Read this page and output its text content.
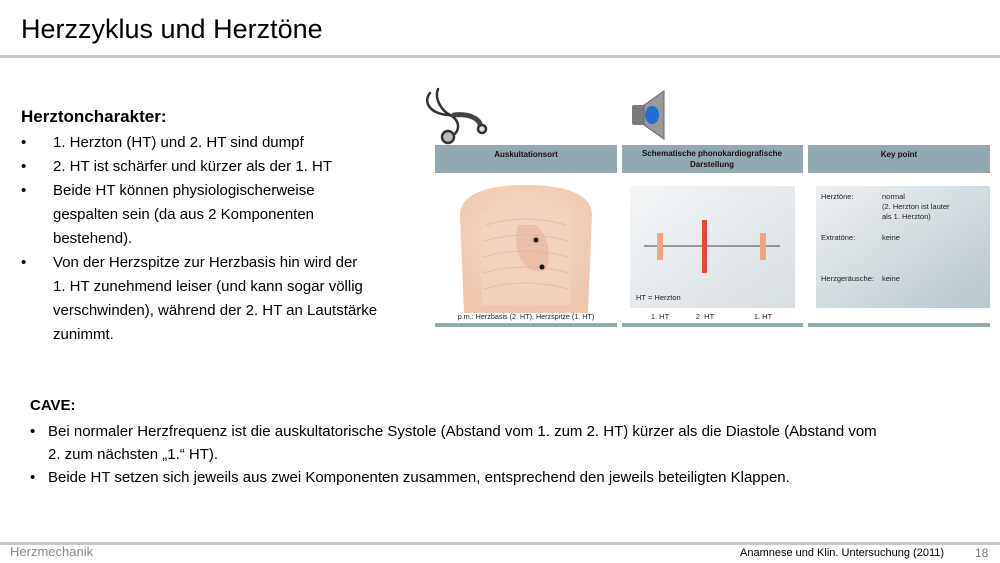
Herzzyklus und Herztöne
Herztoncharakter:
• 1. Herzton (HT) und 2. HT sind dumpf
• 2. HT ist schärfer und kürzer als der 1. HT
• Beide HT können physiologischerweise
gespalten sein (da aus 2 Komponenten
bestehend).
• Von der Herzspitze zur Herzbasis hin wird der
1. HT zunehmend leiser (und kann sogar völlig
verschwinden), während der 2. HT an Lautstärke
zunimmt.
Auskultationsort	Schematische phonokardiografische
Darstellung
Key point
p.m.: Herzbasis (2. HT), Herzspitze (1. HT)
HT = Herzton
1. HT	2. HT	1. HT
Herztöne:	normal
(2. Herzton ist lauter
als 1. Herzton)
Extratöne:	keine
Herzgeräusche: keine
CAVE:
• Bei normaler Herzfrequenz ist die auskultatorische Systole (Abstand vom 1. zum 2. HT) kürzer als die Diastole (Abstand vom
2. zum nächsten „1.“ HT).
• Beide HT setzen sich jeweils aus zwei Komponenten zusammen, entsprechend den jeweils beteiligten Klappen.
Herzmechanik	Anamnese und Klin. Untersuchung (2011)	18
